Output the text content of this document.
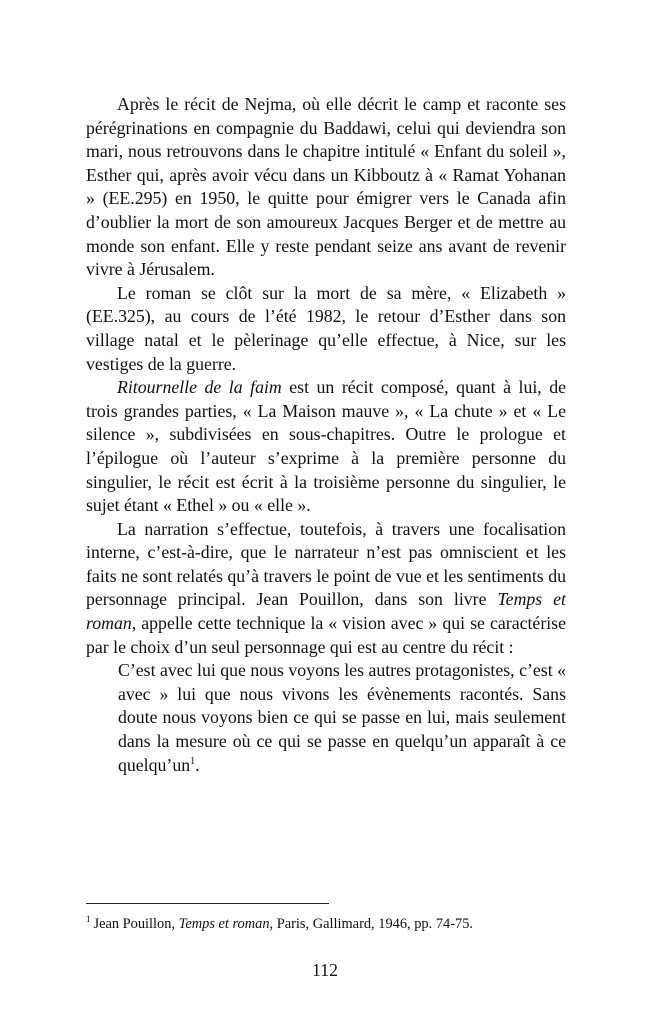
Après le récit de Nejma, où elle décrit le camp et raconte ses pérégrinations en compagnie du Baddawi, celui qui deviendra son mari, nous retrouvons dans le chapitre intitulé « Enfant du soleil », Esther qui, après avoir vécu dans un Kibboutz à « Ramat Yohanan » (EE.295) en 1950, le quitte pour émigrer vers le Canada afin d’oublier la mort de son amoureux Jacques Berger et de mettre au monde son enfant. Elle y reste pendant seize ans avant de revenir vivre à Jérusalem.

Le roman se clôt sur la mort de sa mère, « Elizabeth » (EE.325), au cours de l’été 1982, le retour d’Esther dans son village natal et le pèlerinage qu’elle effectue, à Nice, sur les vestiges de la guerre.

Ritournelle de la faim est un récit composé, quant à lui, de trois grandes parties, « La Maison mauve », « La chute » et « Le silence », subdivisées en sous-chapitres. Outre le prologue et l’épilogue où l’auteur s’exprime à la première personne du singulier, le récit est écrit à la troisième personne du singulier, le sujet étant « Ethel » ou « elle ».

La narration s’effectue, toutefois, à travers une focalisation interne, c’est-à-dire, que le narrateur n’est pas omniscient et les faits ne sont relatés qu’à travers le point de vue et les sentiments du personnage principal. Jean Pouillon, dans son livre Temps et roman, appelle cette technique la « vision avec » qui se caractérise par le choix d’un seul personnage qui est au centre du récit :

C’est avec lui que nous voyons les autres protagonistes, c’est « avec » lui que nous vivons les évènements racontés. Sans doute nous voyons bien ce qui se passe en lui, mais seulement dans la mesure où ce qui se passe en quelqu’un apparaît à ce $quelqu’un^1$.
$^1$ Jean Pouillon, Temps et roman, Paris, Gallimard, 1946, pp. 74-75.
112
